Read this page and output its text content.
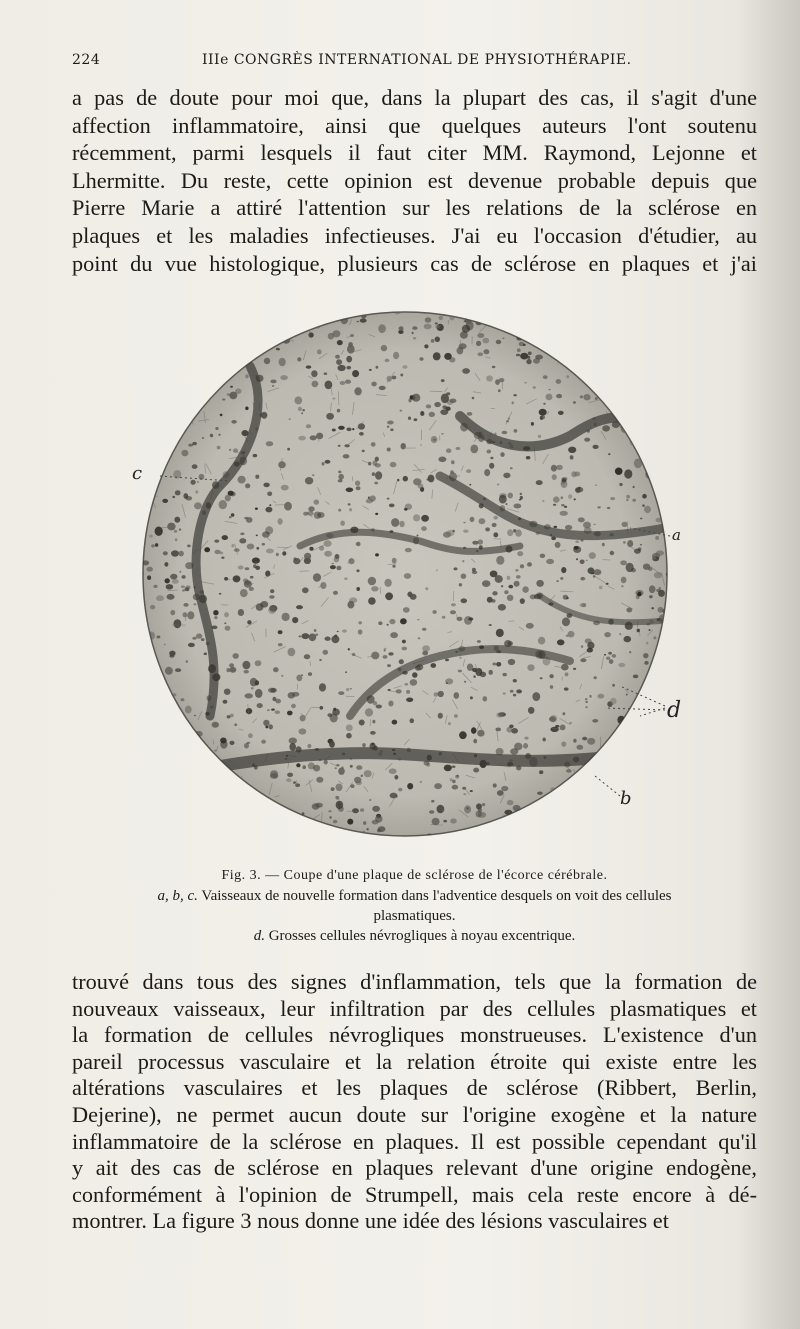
224	IIIe CONGRÈS INTERNATIONAL DE PHYSIOTHÉRAPIE.
a pas de doute pour moi que, dans la plupart des cas, il s'agit d'une
affection inflammatoire, ainsi que quelques auteurs l'ont soutenu
récemment, parmi lesquels il faut citer MM. Raymond, Lejonne et
Lhermitte. Du reste, cette opinion est devenue probable depuis que
Pierre Marie a attiré l'attention sur les relations de la sclérose en
plaques et les maladies infectieuses. J'ai eu l'occasion d'étudier, au
point du vue histologique, plusieurs cas de sclérose en plaques et j'ai
c
a
d
b
Fig. 3. — Coupe d'une plaque de sclérose de l'écorce cérébrale.
a, b, c. Vaisseaux de nouvelle formation dans l'adventice desquels on voit des cellules
plasmatiques.
d. Grosses cellules névrogliques à noyau excentrique.
trouvé dans tous des signes d'inflammation, tels que la formation de
nouveaux vaisseaux, leur infiltration par des cellules plasmatiques et
la formation de cellules névrogliques monstrueuses. L'existence d'un
pareil processus vasculaire et la relation étroite qui existe entre les
altérations vasculaires et les plaques de sclérose (Ribbert, Berlin,
Dejerine), ne permet aucun doute sur l'origine exogène et la nature
inflammatoire de la sclérose en plaques. Il est possible cependant qu'il
y ait des cas de sclérose en plaques relevant d'une origine endogène,
conformément à l'opinion de Strumpell, mais cela reste encore à dé-
montrer. La figure 3 nous donne une idée des lésions vasculaires et
